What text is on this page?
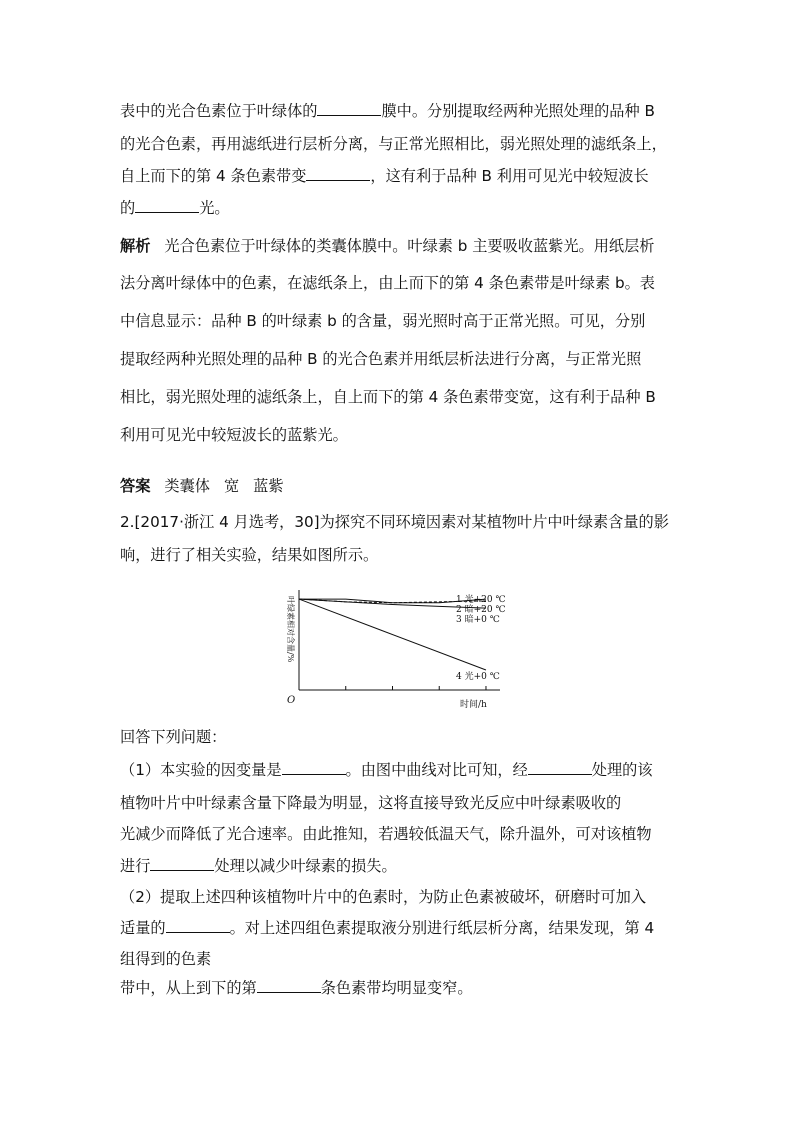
表中的光合色素位于叶绿体的	膜中。分别提取经两种光照处理的品种 B
的光合色素，再用滤纸进行层析分离，与正常光照相比，弱光照处理的滤纸条上，
自上而下的第 4 条色素带变	，这有利于品种 B 利用可见光中较短波长
的	光。
解析 光合色素位于叶绿体的类囊体膜中。叶绿素 b 主要吸收蓝紫光。用纸层析
法分离叶绿体中的色素，在滤纸条上，由上而下的第 4 条色素带是叶绿素 b。表
中信息显示：品种 B 的叶绿素 b 的含量，弱光照时高于正常光照。可见，分别
提取经两种光照处理的品种 B 的光合色素并用纸层析法进行分离，与正常光照
相比，弱光照处理的滤纸条上，自上而下的第 4 条色素带变宽，这有利于品种 B
利用可见光中较短波长的蓝紫光。
答案 类囊体 宽 蓝紫
2.[2017·浙江 4 月选考，30]为探究不同环境因素对某植物叶片中叶绿素含量的影
响，进行了相关实验，结果如图所示。
叶绿素相对含量/%
时间/h
O
1 光+20 ℃
2 暗+20 ℃
3 暗+0 ℃
4 光+0 ℃
回答下列问题：
（1）本实验的因变量是	。由图中曲线对比可知，经	处理的该
植物叶片中叶绿素含量下降最为明显，这将直接导致光反应中叶绿素吸收的
光减少而降低了光合速率。由此推知，若遇较低温天气，除升温外，可对该植物
进行	处理以减少叶绿素的损失。
（2）提取上述四种该植物叶片中的色素时，为防止色素被破坏，研磨时可加入
适量的	。对上述四组色素提取液分别进行纸层析分离，结果发现，第 4
组得到的色素
带中，从上到下的第	条色素带均明显变窄。
